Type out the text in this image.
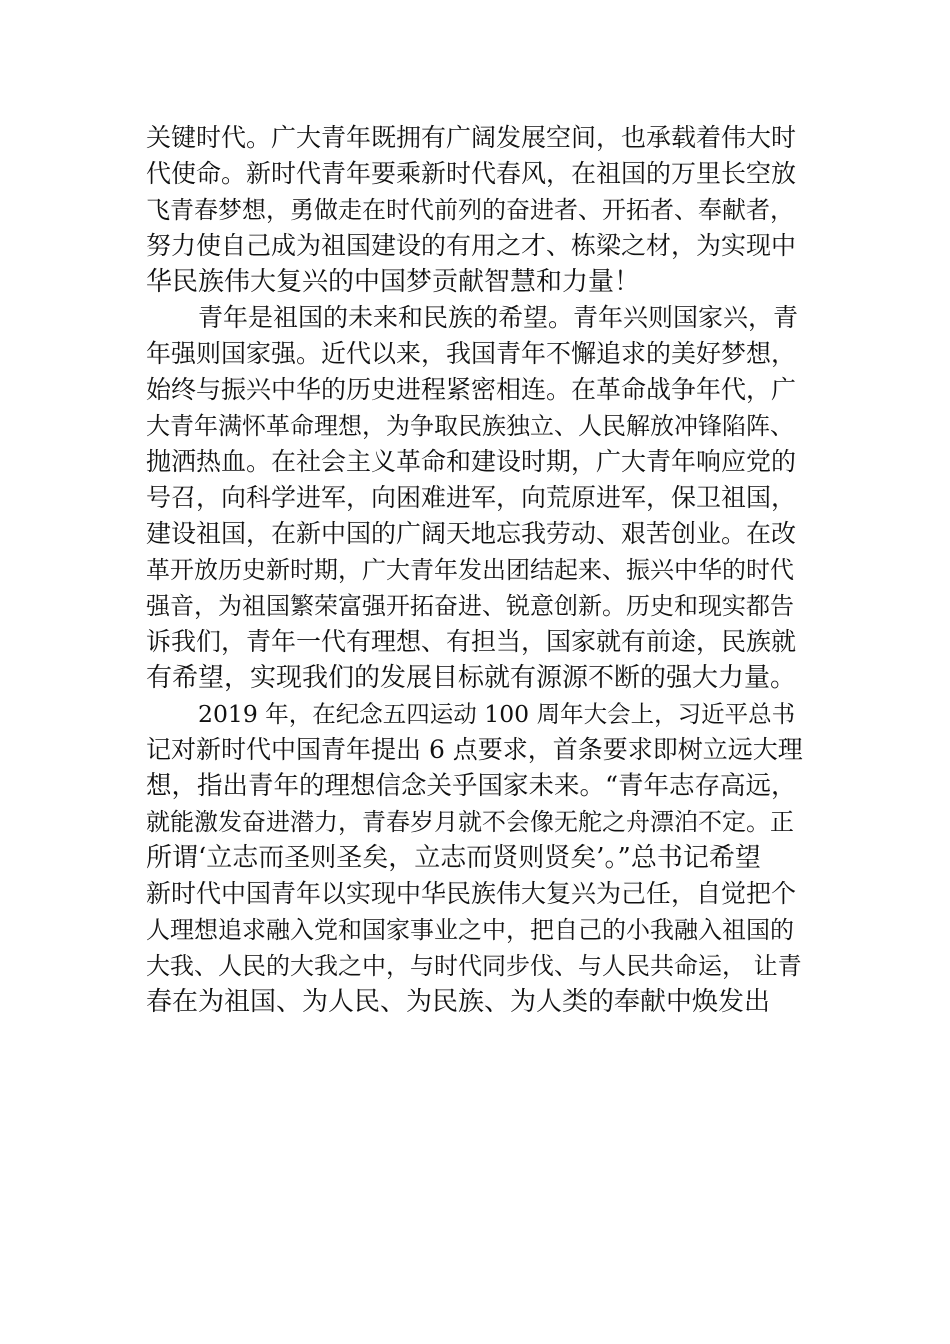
关键时代。广大青年既拥有广阔发展空间，也承载着伟大时
代使命。新时代青年要乘新时代春风，在祖国的万里长空放
飞青春梦想，勇做走在时代前列的奋进者、开拓者、奉献者，
努力使自己成为祖国建设的有用之才、栋梁之材，为实现中
华民族伟大复兴的中国梦贡献智慧和力量！
青年是祖国的未来和民族的希望。青年兴则国家兴，青
年强则国家强。近代以来，我国青年不懈追求的美好梦想，
始终与振兴中华的历史进程紧密相连。在革命战争年代，广
大青年满怀革命理想，为争取民族独立、人民解放冲锋陷阵、
抛洒热血。在社会主义革命和建设时期，广大青年响应党的
号召，向科学进军，向困难进军，向荒原进军，保卫祖国，
建设祖国，在新中国的广阔天地忘我劳动、艰苦创业。在改
革开放历史新时期，广大青年发出团结起来、振兴中华的时代
强音，为祖国繁荣富强开拓奋进、锐意创新。历史和现实都告
诉我们，青年一代有理想、有担当，国家就有前途，民族就
有希望，实现我们的发展目标就有源源不断的强大力量。
2019 年，在纪念五四运动 100 周年大会上，习近平总书
记对新时代中国青年提出 6 点要求，首条要求即树立远大理
想，指出青年的理想信念关乎国家未来。“青年志存高远，
就能激发奋进潜力，青春岁月就不会像无舵之舟漂泊不定。正
所谓‘立志而圣则圣矣，立志而贤则贤矣’。”总书记希望
新时代中国青年以实现中华民族伟大复兴为己任，自觉把个
人理想追求融入党和国家事业之中，把自己的小我融入祖国的
大我、人民的大我之中，与时代同步伐、与人民共命运， 让青
春在为祖国、为人民、为民族、为人类的奉献中焕发出
